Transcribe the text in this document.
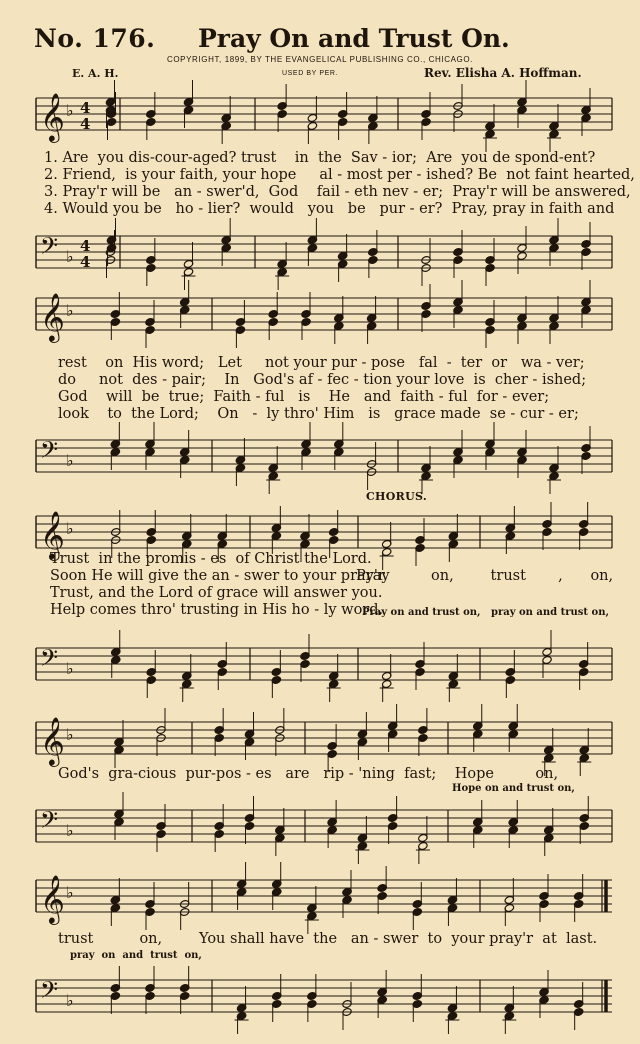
No. 176. Pray On and Trust On.
COPYRIGHT, 1899, BY THE EVANGELICAL PUBLISHING CO., CHICAGO.
E. A. H.	USED BY PER.	Rev. Elisha A. Hoffman.
𝄞 ♭ 4
4
1. Are  you dis-cour-aged? trust    in  the  Sav - ior;  Are  you de spond-ent?
2. Friend,  is your faith, your hope     al - most per - ished? Be  not faint hearted,
3. Pray'r will be   an - swer'd,  God    fail - eth nev - er;  Pray'r will be answered,
4. Would you be   ho - lier?  would   you   be   pur - er?  Pray, pray in faith and
𝄢 ♭
4
4
𝄞 ♭
rest    on  His word;   Let     not your pur - pose   fal  -  ter  or   wa - ver;
do     not  des - pair;    In   God's af - fec - tion your love  is  cher - ished;
God    will  be  true;  Faith - ful   is    He   and  faith - ful  for - ever;
look    to  the Lord;    On   -  ly thro' Him   is   grace made  se - cur - er;
𝄢 ♭
CHORUS.
𝄞 ♭
Trust  in the promis - es  of Christ the Lord.
Soon He will give the an - swer to your pray'r.
Trust, and the Lord of grace will answer you.
Help comes thro' trusting in His ho - ly word.
Pray         on,        trust       ,      on,
Pray on and trust on,   pray on and trust on,
𝄢 ♭
𝄞 ♭
God's  gra-cious  pur-pos - es   are   rip - 'ning  fast;    Hope         on,
Hope on and trust on,
𝄢 ♭
𝄞 ♭
trust          on,        You shall have  the   an - swer  to  your pray'r  at  last.
pray  on  and  trust  on,
𝄢 ♭
